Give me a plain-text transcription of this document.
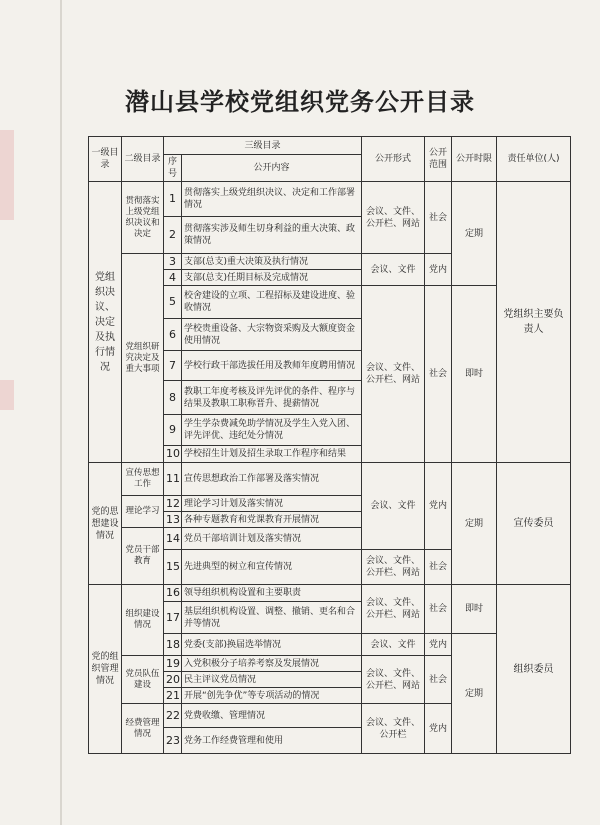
潜山县学校党组织党务公开目录
一级目录	二级目录	三级目录		公开形式	公开范围	公开时限	责任单位(人)
		序号	公开内容				
党组织决议、决定及执行情况	贯彻落实上级党组织决议和决定	1	贯彻落实上级党组织决议、决定和工作部署情况	会议、文件、公开栏、网站	社会	定期	党组织主要负责人
		2	贯彻落实涉及师生切身利益的重大决策、政策情况				
	党组织研究决定及重大事项	3	支部(总支)重大决策及执行情况	会议、文件	党内		
		4	支部(总支)任期目标及完成情况				
		5	校舍建设的立项、工程招标及建设进度、验收情况	会议、文件、公开栏、网站	社会	即时	
		6	学校贵重设备、大宗物资采购及大额度资金使用情况				
		7	学校行政干部选拔任用及教师年度聘用情况				
		8	教职工年度考核及评先评优的条件、程序与结果及教职工职称晋升、提薪情况				
		9	学生学杂费减免助学情况及学生入党入团、评先评优、违纪处分情况				
		10	学校招生计划及招生录取工作程序和结果				
党的思想建设情况	宣传思想工作	11	宣传思想政治工作部署及落实情况	会议、文件	党内	定期	宣传委员
	理论学习	12	理论学习计划及落实情况				
		13	各种专题教育和党课教育开展情况				
	党员干部教育	14	党员干部培训计划及落实情况				
		15	先进典型的树立和宣传情况	会议、文件、公开栏、网站	社会		
党的组织管理情况	组织建设情况	16	领导组织机构设置和主要职责	会议、文件、公开栏、网站	社会	即时	组织委员
		17	基层组织机构设置、调整、撤销、更名和合并等情况				
		18	党委(支部)换届选举情况	会议、文件	党内	定期	
	党员队伍建设	19	入党积极分子培养考察及发展情况	会议、文件、公开栏、网站	社会		
		20	民主评议党员情况				
		21	开展“创先争优”等专项活动的情况				
	经费管理情况	22	党费收缴、管理情况	会议、文件、公开栏	党内		
		23	党务工作经费管理和使用				
